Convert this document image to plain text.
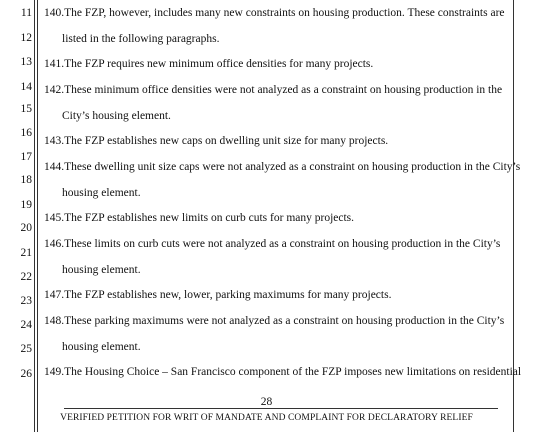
11
12
13
14
15
16
17
18
19
20
21
22
23
24
25
26
140.The FZP, however, includes many new constraints on housing production. These constraints are
listed in the following paragraphs.
141.The FZP requires new minimum office densities for many projects.
142.These minimum office densities were not analyzed as a constraint on housing production in the
City’s housing element.
143.The FZP establishes new caps on dwelling unit size for many projects.
144.These dwelling unit size caps were not analyzed as a constraint on housing production in the City’s
housing element.
145.The FZP establishes new limits on curb cuts for many projects.
146.These limits on curb cuts were not analyzed as a constraint on housing production in the City’s
housing element.
147.The FZP establishes new, lower, parking maximums for many projects.
148.These parking maximums were not analyzed as a constraint on housing production in the City’s
housing element.
149.The Housing Choice – San Francisco component of the FZP imposes new limitations on residential
28
VERIFIED PETITION FOR WRIT OF MANDATE AND COMPLAINT FOR DECLARATORY RELIEF
